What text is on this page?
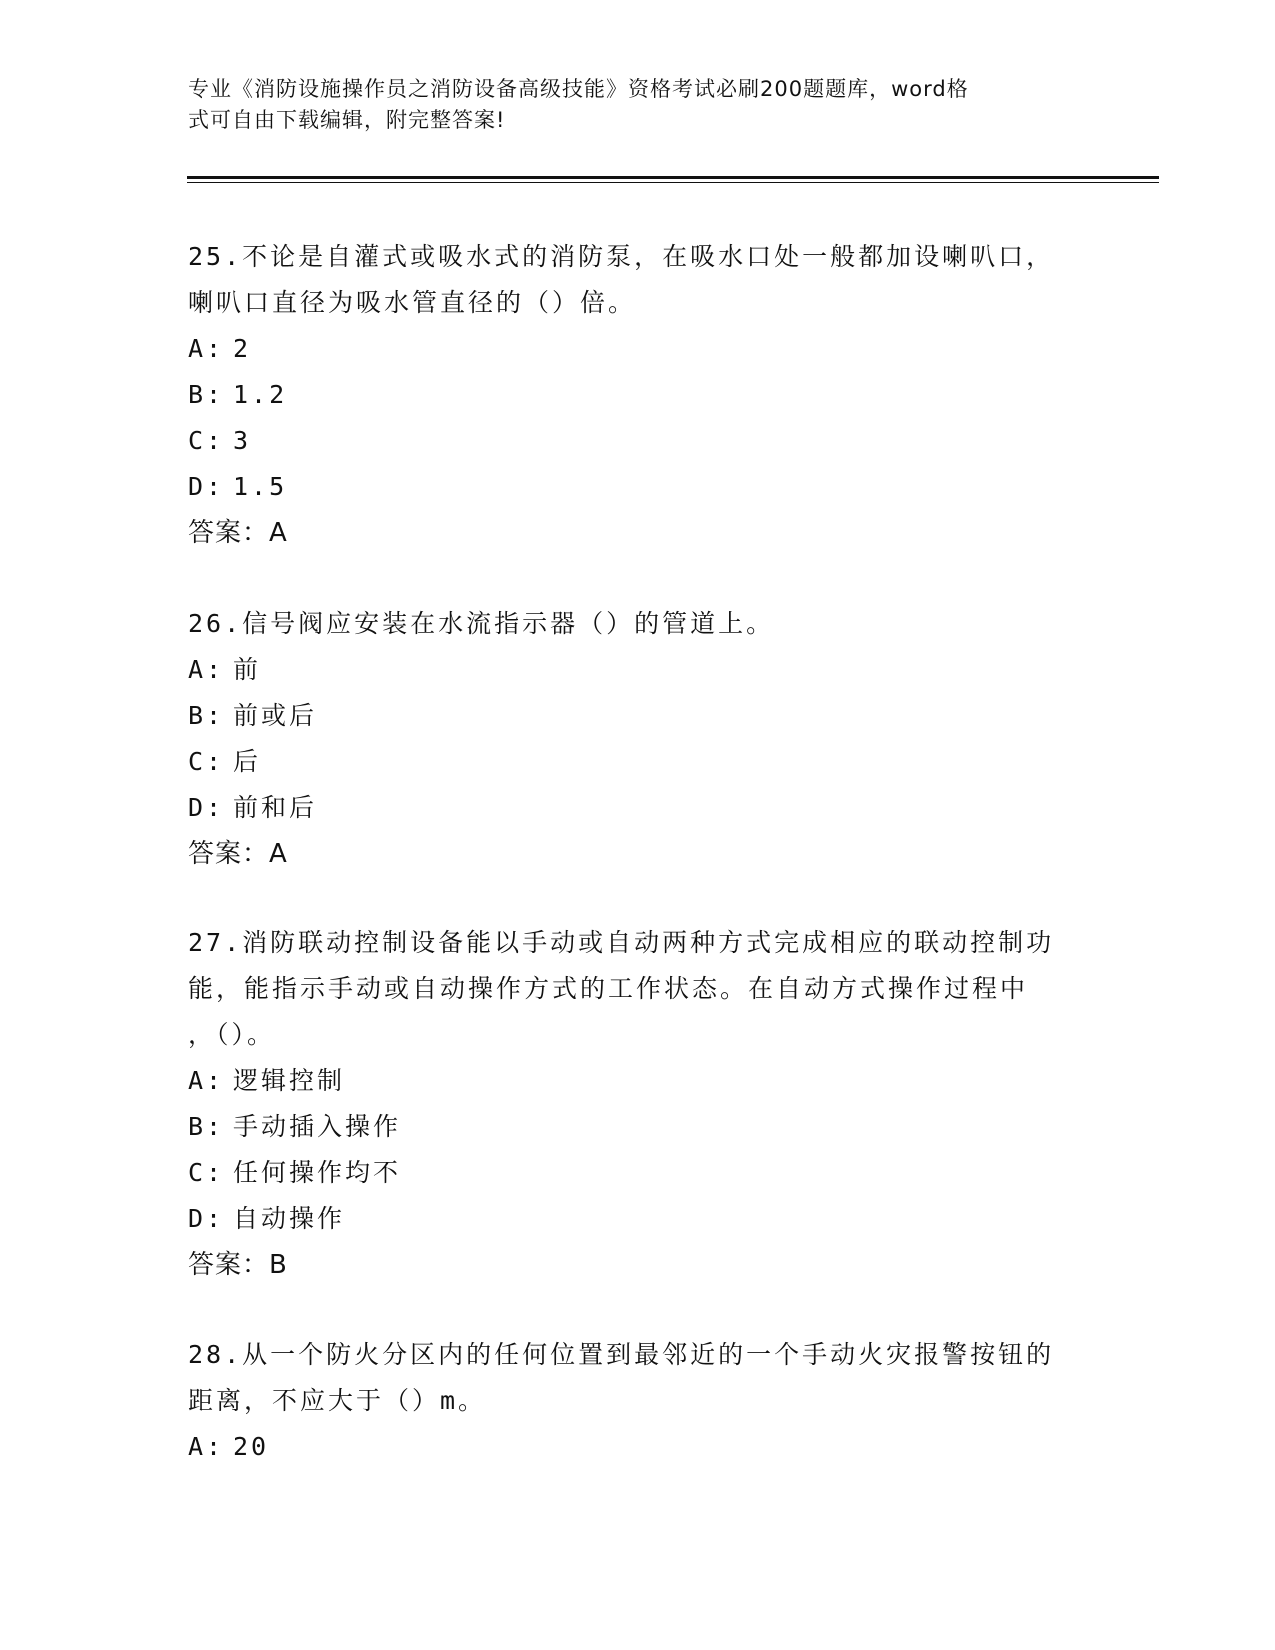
专业《消防设施操作员之消防设备高级技能》资格考试必刷200题题库，word格
式可自由下载编辑，附完整答案!
25.不论是自灌式或吸水式的消防泵，在吸水口处一般都加设喇叭口，
喇叭口直径为吸水管直径的（）倍。
A: 2
B: 1.2
C: 3
D: 1.5
答案：A
26.信号阀应安装在水流指示器（）的管道上。
A: 前
B: 前或后
C: 后
D: 前和后
答案：A
27.消防联动控制设备能以手动或自动两种方式完成相应的联动控制功
能，能指示手动或自动操作方式的工作状态。在自动方式操作过程中
，（）。
A: 逻辑控制
B: 手动插入操作
C: 任何操作均不
D: 自动操作
答案：B
28.从一个防火分区内的任何位置到最邻近的一个手动火灾报警按钮的
距离，不应大于（）m。
A: 20
